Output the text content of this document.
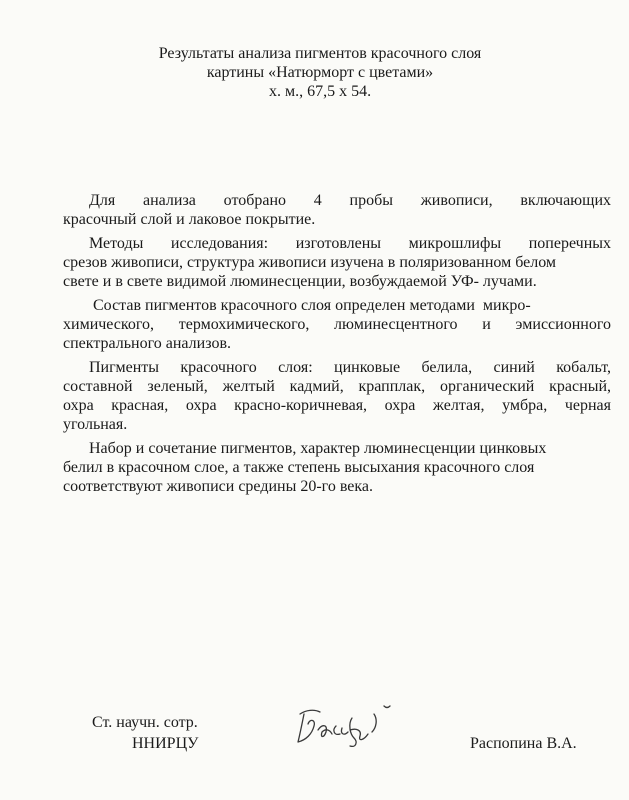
Результаты анализа пигментов красочного слоя
картины «Натюрморт с цветами»
х. м., 67,5 х 54.
Для анализа отобрано 4 пробы живописи, включающих
красочный слой и лаковое покрытие.
Методы исследования: изготовлены микрошлифы поперечных
срезов живописи, структура живописи изучена в поляризованном белом
свете и в свете видимой люминесценции, возбуждаемой УФ- лучами.
Состав пигментов красочного слоя определен методами  микро-
химического, термохимического, люминесцентного и эмиссионного
спектрального анализов.
Пигменты красочного слоя: цинковые белила, синий кобальт,
составной зеленый, желтый кадмий, крапплак, органический красный,
охра красная, охра красно-коричневая, охра желтая, умбра, черная
угольная.
Набор и сочетание пигментов, характер люминесценции цинковых
белил в красочном слое, а также степень высыхания красочного слоя
соответствуют живописи средины 20-го века.
Ст. научн. сотр.
ННИРЦУ	Распопина В.А.
